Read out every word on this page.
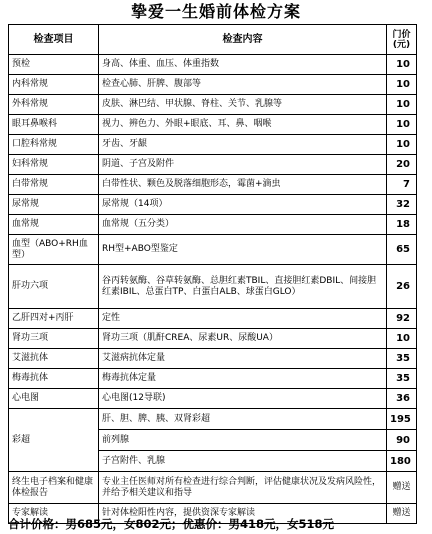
挚爱一生婚前体检方案
检查项目	检查内容	门价
(元)
预检	身高、体重、血压、体重指数	10
内科常规	检查心肺、肝脾、腹部等	10
外科常规	皮肤、淋巴结、甲状腺、脊柱、关节、乳腺等	10
眼耳鼻喉科	视力、辨色力、外眼+眼底、耳、鼻、咽喉	10
口腔科常规	牙齿、牙龈	10
妇科常规	阴道、子宫及附件	20
白带常规	白带性状、颗色及脱落细胞形态，霉菌+滴虫	7
尿常规	尿常规（14项）	32
血常规	血常规（五分类）	18
血型（ABO+RH血型）	RH型+ABO型鉴定	65
肝功六项	谷丙转氨酶、谷草转氨酶、总胆红素TBIL、直接胆红素DBIL、间接胆红素IBIL、总蛋白TP、白蛋白ALB、球蛋白GLO）	26
乙肝四对+丙肝	定性	92
肾功三项	肾功三项（肌酐CREA、尿素UR、尿酸UA）	10
艾滋抗体	艾滋病抗体定量	35
梅毒抗体	梅毒抗体定量	35
心电图	心电图(12导联)	36
彩超	肝、胆、脾、胰、双肾彩超	195
	前列腺	90
	子宫附件、乳腺	180
终生电子档案和健康体检报告	专业主任医师对所有检查进行综合判断，评估健康状况及发病风险性，并给予相关建议和指导	赠送
专家解读	针对体检阳性内容，提供资深专家解读	赠送
合计价格：男685元，女802元；优惠价：男418元，女518元
